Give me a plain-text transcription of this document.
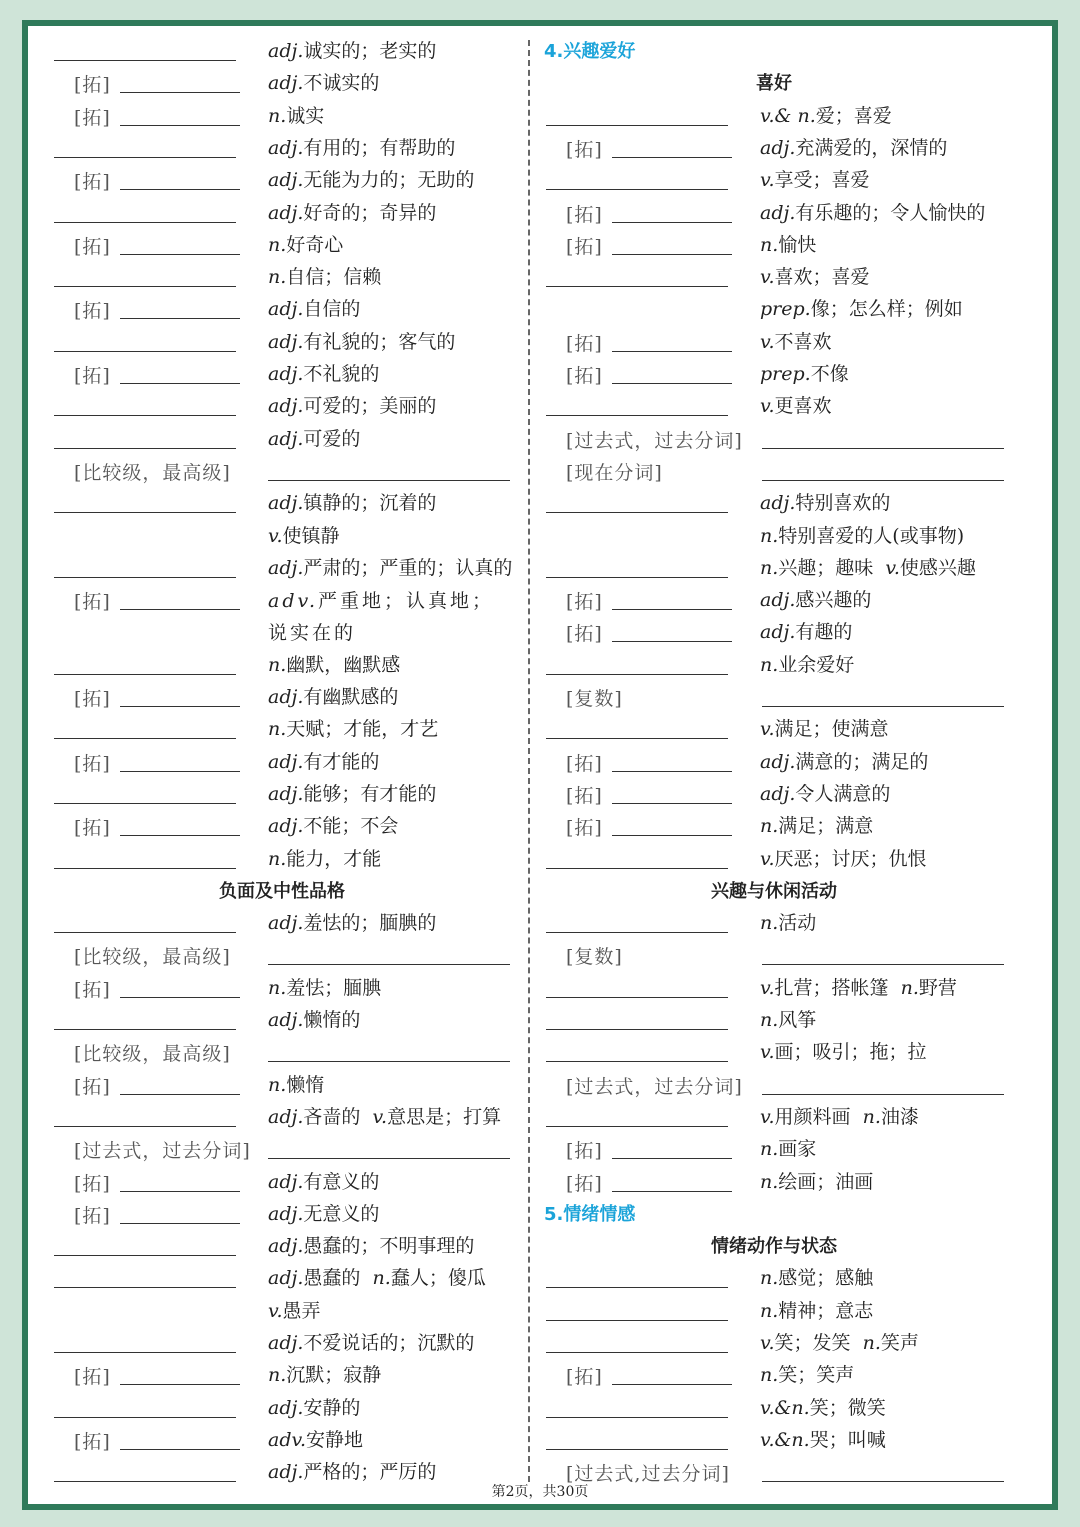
adj.诚实的；老实的
[拓]	adj.不诚实的
[拓]	n.诚实
adj.有用的；有帮助的
[拓]	adj.无能为力的；无助的
adj.好奇的；奇异的
[拓]	n.好奇心
n.自信；信赖
[拓]	adj.自信的
adj.有礼貌的；客气的
[拓]	adj.不礼貌的
adj.可爱的；美丽的
adj.可爱的
[比较级，最高级]
adj.镇静的；沉着的
v.使镇静
adj.严肃的；严重的；认真的
[拓]	adv.严重地；认真地；说实在的
n.幽默，幽默感
[拓]	adj.有幽默感的
n.天赋；才能，才艺
[拓]	adj.有才能的
adj.能够；有才能的
[拓]	adj.不能；不会
n.能力，才能
adj.羞怯的；腼腆的
[比较级，最高级]
[拓]	n.羞怯；腼腆
adj.懒惰的
[比较级，最高级]
[拓]	n.懒惰
adj.吝啬的 v.意思是；打算
[过去式，过去分词]
[拓]	adj.有意义的
[拓]	adj.无意义的
adj.愚蠢的；不明事理的
adj.愚蠢的 n.蠢人；傻瓜
v.愚弄
adj.不爱说话的；沉默的
[拓]	n.沉默；寂静
adj.安静的
[拓]	adv.安静地
adj.严格的；严厉的
v.& n.爱；喜爱
[拓]	adj.充满爱的，深情的
v.享受；喜爱
[拓]	adj.有乐趣的；令人愉快的
[拓]	n.愉快
v.喜欢；喜爱
prep.像；怎么样；例如
[拓]	v.不喜欢
[拓]	prep.不像
v.更喜欢
[过去式，过去分词]
[现在分词]
adj.特别喜欢的
n.特别喜爱的人(或事物)
n.兴趣；趣味 v.使感兴趣
[拓]	adj.感兴趣的
[拓]	adj.有趣的
n.业余爱好
[复数]
v.满足；使满意
[拓]	adj.满意的；满足的
[拓]	adj.令人满意的
[拓]	n.满足；满意
v.厌恶；讨厌；仇恨
n.活动
[复数]
v.扎营；搭帐篷 n.野营
n.风筝
v.画；吸引；拖；拉
[过去式，过去分词]
v.用颜料画 n.油漆
[拓]	n.画家
[拓]	n.绘画；油画
n.感觉；感触
n.精神；意志
v.笑；发笑 n.笑声
[拓]	n.笑；笑声
v.&n.笑；微笑
v.&n.哭；叫喊
[过去式,过去分词]
负面及中性品格
4.兴趣爱好
喜好
兴趣与休闲活动
5.情绪情感
情绪动作与状态
第2页，共30页
